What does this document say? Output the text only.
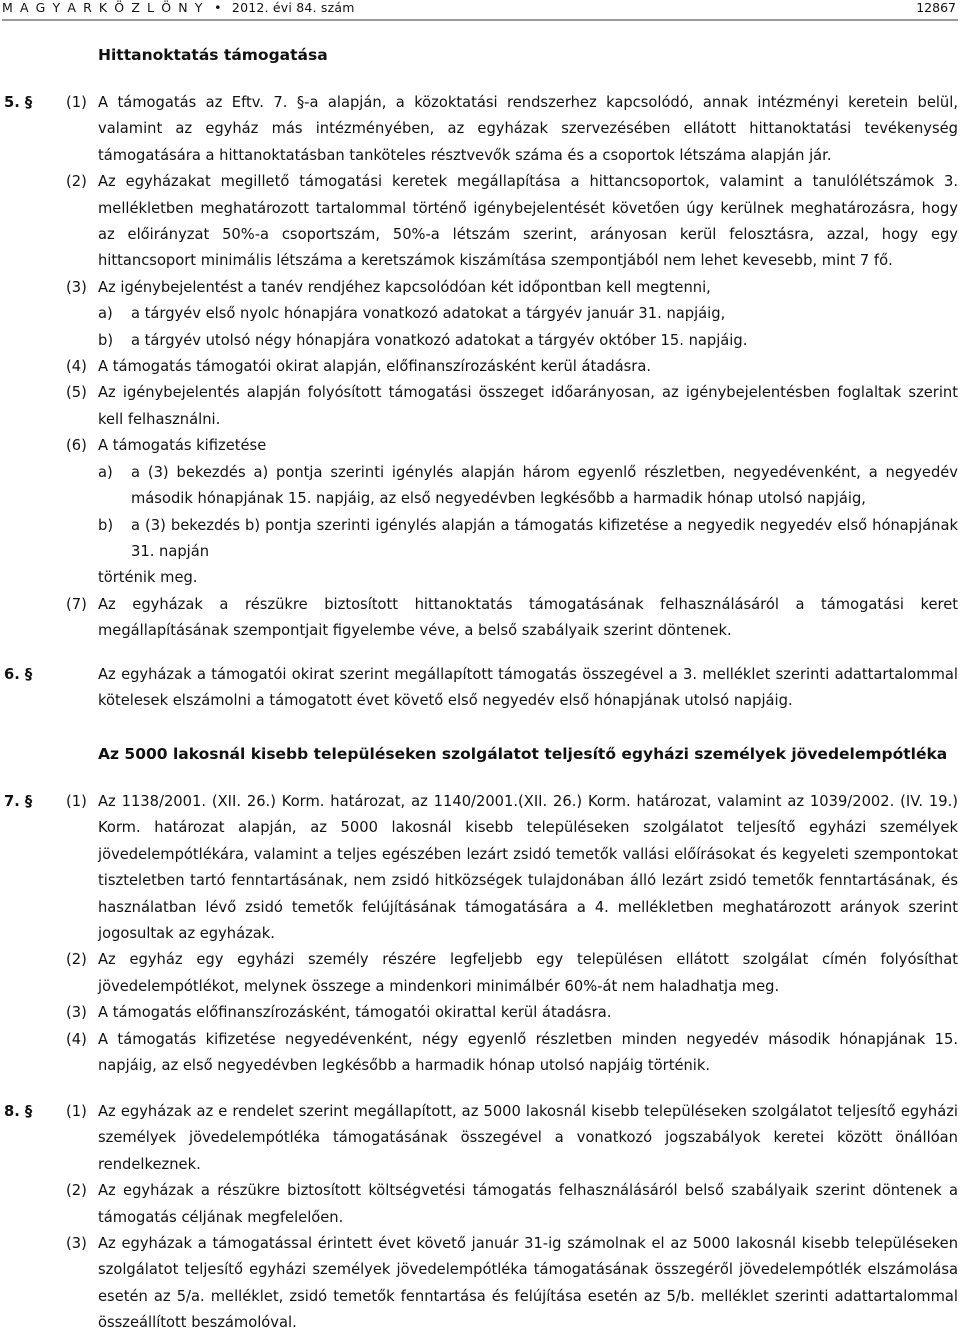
M A G Y A R K Ö Z L Ö N Y • 2012. évi 84. szám	12867
Hittanoktatás támogatása
5. § (1) A támogatás az Eftv. 7. §-a alapján, a közoktatási rendszerhez kapcsolódó, annak intézményi keretein belül, valamint az egyház más intézményében, az egyházak szervezésében ellátott hittanoktatási tevékenység támogatására a hittanoktatásban tanköteles résztvevők száma és a csoportok létszáma alapján jár.
(2) Az egyházakat megillető támogatási keretek megállapítása a hittancsoportok, valamint a tanulólétszámok 3. mellékletben meghatározott tartalommal történő igénybejelentését követően úgy kerülnek meghatározásra, hogy az előirányzat 50%-a csoportszám, 50%-a létszám szerint, arányosan kerül felosztásra, azzal, hogy egy hittancsoport minimális létszáma a keretszámok kiszámítása szempontjából nem lehet kevesebb, mint 7 fő.
(3) Az igénybejelentést a tanév rendjéhez kapcsolódóan két időpontban kell megtenni,
a) a tárgyév első nyolc hónapjára vonatkozó adatokat a tárgyév január 31. napjáig,
b) a tárgyév utolsó négy hónapjára vonatkozó adatokat a tárgyév október 15. napjáig.
(4) A támogatás támogatói okirat alapján, előfinanszírozásként kerül átadásra.
(5) Az igénybejelentés alapján folyósított támogatási összeget időarányosan, az igénybejelentésben foglaltak szerint kell felhasználni.
(6) A támogatás kifizetése
a) a (3) bekezdés a) pontja szerinti igénylés alapján három egyenlő részletben, negyedévenként, a negyedév második hónapjának 15. napjáig, az első negyedévben legkésőbb a harmadik hónap utolsó napjáig,
b) a (3) bekezdés b) pontja szerinti igénylés alapján a támogatás kifizetése a negyedik negyedév első hónapjának 31. napján
történik meg.
(7) Az egyházak a részükre biztosított hittanoktatás támogatásának felhasználásáról a támogatási keret megállapításának szempontjait figyelembe véve, a belső szabályaik szerint döntenek.
6. §	Az egyházak a támogatói okirat szerint megállapított támogatás összegével a 3. melléklet szerinti adattartalommal kötelesek elszámolni a támogatott évet követő első negyedév első hónapjának utolsó napjáig.
Az 5000 lakosnál kisebb településeken szolgálatot teljesítő egyházi személyek jövedelempótléka
7. § (1) Az 1138/2001. (XII. 26.) Korm. határozat, az 1140/2001.(XII. 26.) Korm. határozat, valamint az 1039/2002. (IV. 19.) Korm. határozat alapján, az 5000 lakosnál kisebb településeken szolgálatot teljesítő egyházi személyek jövedelempótlékára, valamint a teljes egészében lezárt zsidó temetők vallási előírásokat és kegyeleti szempontokat tiszteletben tartó fenntartásának, nem zsidó hitközségek tulajdonában álló lezárt zsidó temetők fenntartásának, és használatban lévő zsidó temetők felújításának támogatására a 4. mellékletben meghatározott arányok szerint jogosultak az egyházak.
(2) Az egyház egy egyházi személy részére legfeljebb egy településen ellátott szolgálat címén folyósíthat jövedelempótlékot, melynek összege a mindenkori minimálbér 60%-át nem haladhatja meg.
(3) A támogatás előfinanszírozásként, támogatói okirattal kerül átadásra.
(4) A támogatás kifizetése negyedévenként, négy egyenlő részletben minden negyedév második hónapjának 15. napjáig, az első negyedévben legkésőbb a harmadik hónap utolsó napjáig történik.
8. § (1) Az egyházak az e rendelet szerint megállapított, az 5000 lakosnál kisebb településeken szolgálatot teljesítő egyházi személyek jövedelempótléka támogatásának összegével a vonatkozó jogszabályok keretei között önállóan rendelkeznek.
(2) Az egyházak a részükre biztosított költségvetési támogatás felhasználásáról belső szabályaik szerint döntenek a támogatás céljának megfelelően.
(3) Az egyházak a támogatással érintett évet követő január 31-ig számolnak el az 5000 lakosnál kisebb településeken szolgálatot teljesítő egyházi személyek jövedelempótléka támogatásának összegéről jövedelempótlék elszámolása esetén az 5/a. melléklet, zsidó temetők fenntartása és felújítása esetén az 5/b. melléklet szerinti adattartalommal összeállított beszámolóval.
